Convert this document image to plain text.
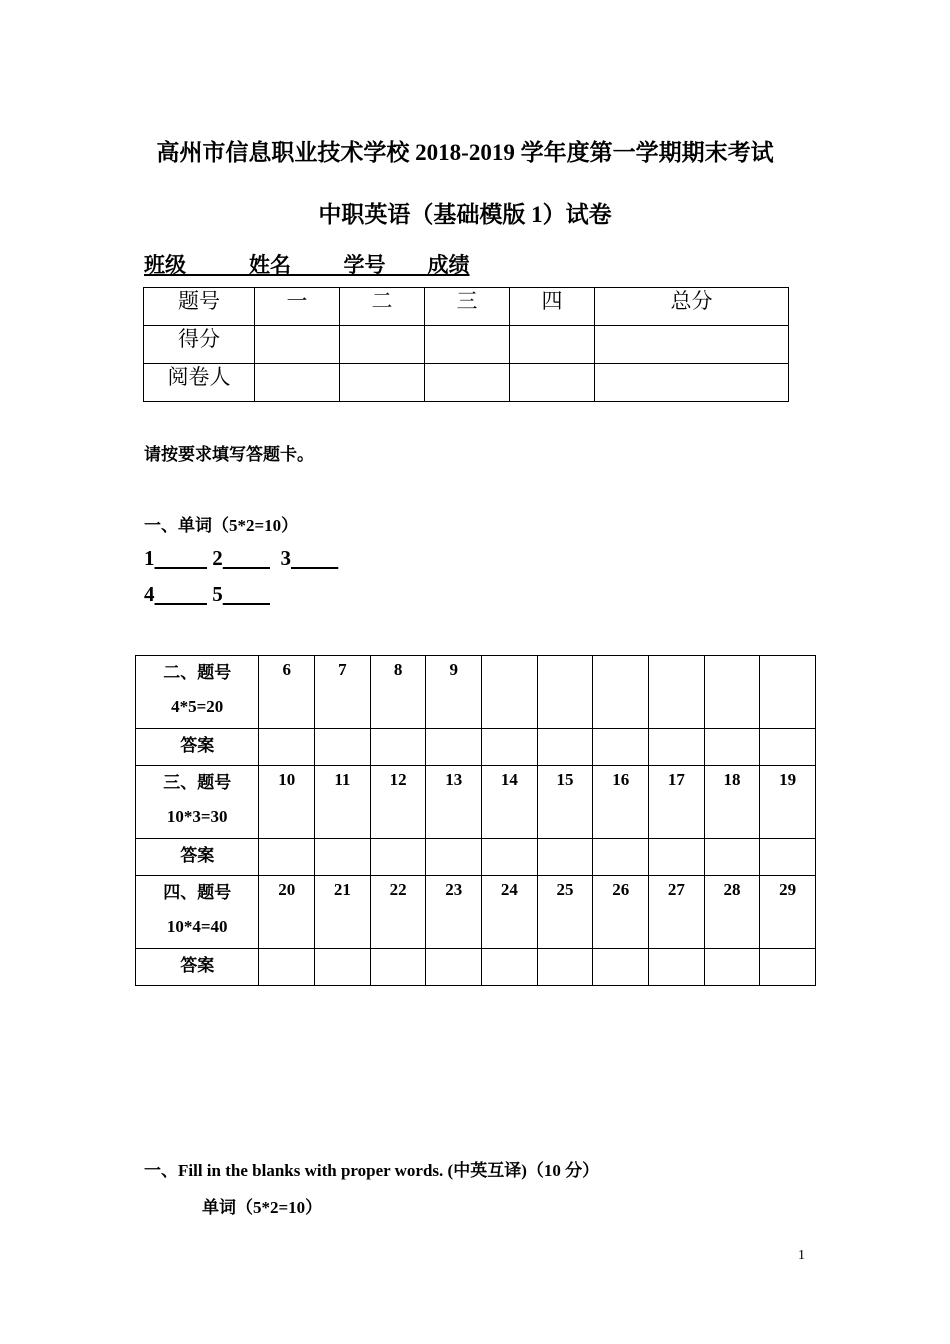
高州市信息职业技术学校 2018-2019 学年度第一学期期末考试
中职英语（基础模版 1）试卷
班级	姓名	学号 成绩
题号	一	二	三	四	总分
得分					
阅卷人					
请按要求填写答题卡。
一、单词（5*2=10）
1	2	3
4	5
二、题号
4*5=20	6	7	8	9						
答案										

三、题号
10*3=30	10	11	12	13	14	15	16	17	18	19
答案										

四、题号
10*4=40	20	21	22	23	24	25	26	27	28	29
答案										
一、Fill in the blanks with proper words. (中英互译)（10 分）
单词（5*2=10）
1
